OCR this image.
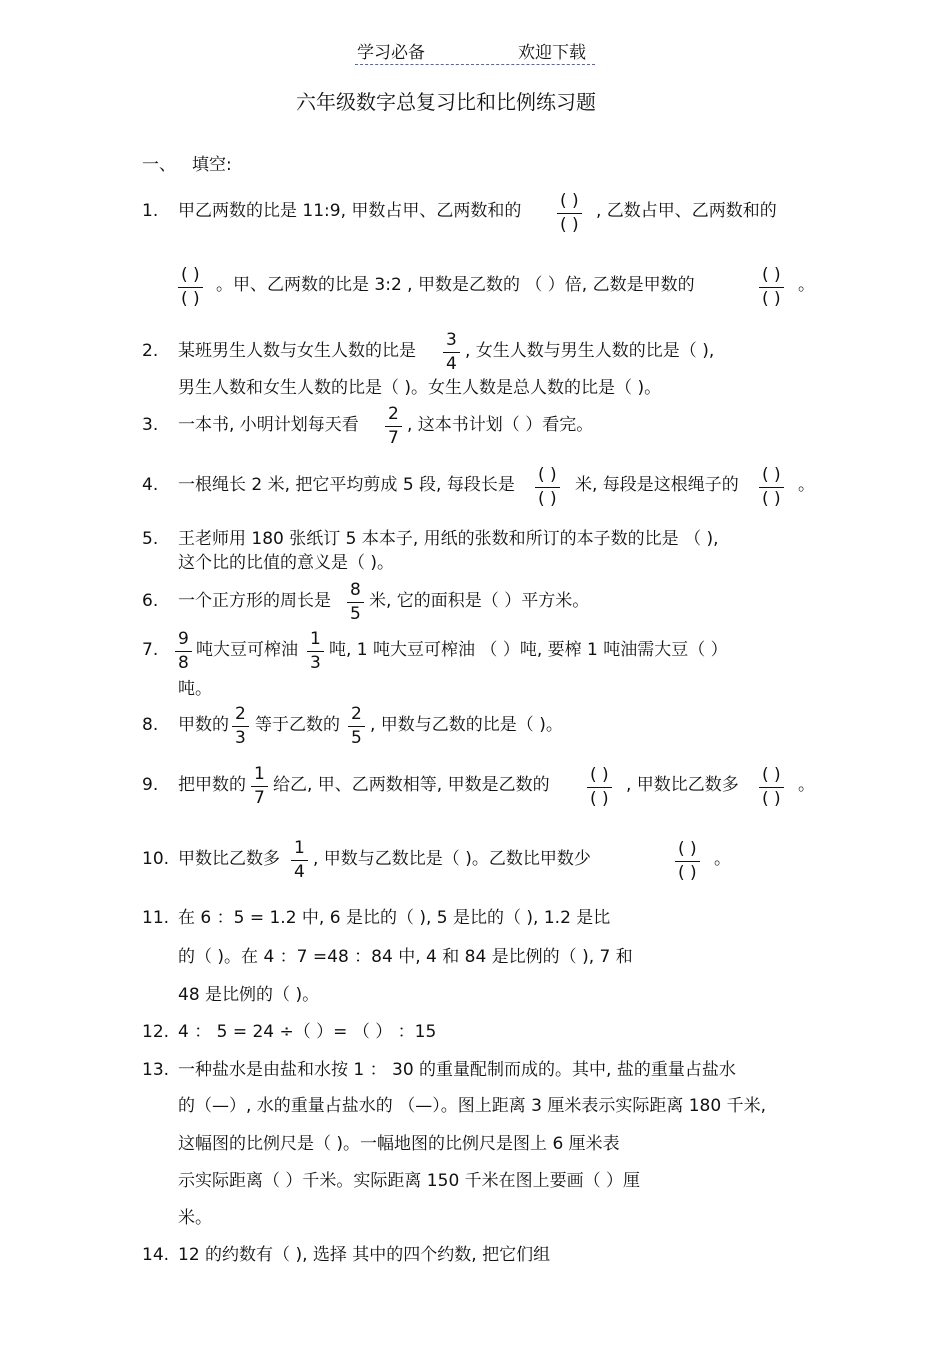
学习必备	欢迎下载
六年级数字总复习比和比例练习题
一、 填空:
1. 甲乙两数的比是 11:9, 甲数占甲、乙两数和的 ( )
( )
, 乙数占甲、乙两数和的
( )
( )
。甲、乙两数的比是 3:2 , 甲数是乙数的 （ ）倍, 乙数是甲数的	( )
( )
。
2. 某班男生人数与女生人数的比是
3
4
, 女生人数与男生人数的比是（ ),
男生人数和女生人数的比是（ )。女生人数是总人数的比是（ )。
3. 一本书, 小明计划每天看
2
7
, 这本书计划（ ）看完。
4. 一根绳长 2 米, 把它平均剪成 5 段, 每段长是 ( )
( )
米, 每段是这根绳子的 ( )
( )
。
5. 王老师用 180 张纸订 5 本本子, 用纸的张数和所订的本子数的比是 （ ),
这个比的比值的意义是（ )。
6. 一个正方形的周长是
8
5
米, 它的面积是（ ）平方米。
7.
9
8
吨大豆可榨油
1
3
吨, 1 吨大豆可榨油 （ ）吨, 要榨 1 吨油需大豆（ ）
吨。
8. 甲数的
2
3
等于乙数的
2
5
, 甲数与乙数的比是（ )。
9. 把甲数的
1
7
给乙, 甲、乙两数相等, 甲数是乙数的 ( )
( )
, 甲数比乙数多 ( )
( )
。
10. 甲数比乙数多
1
4
, 甲数与乙数比是（ )。乙数比甲数少	( )
( )
。
11. 在 6 ：5 = 1.2 中, 6 是比的（ ), 5 是比的（ ), 1.2 是比
的（ )。在 4 ：7 =48 ：84 中, 4 和 84 是比例的（ ), 7 和
48 是比例的（ )。
12. 4 ： 5 = 24 ÷（ ）= （ ） ：15
13. 一种盐水是由盐和水按 1 ： 30 的重量配制而成的。其中, 盐的重量占盐水
的（—）, 水的重量占盐水的 （—）。图上距离 3 厘米表示实际距离 180 千米,
这幅图的比例尺是（ )。一幅地图的比例尺是图上 6 厘米表
示实际距离（ ）千米。实际距离 150 千米在图上要画（ ）厘
米。
14. 12 的约数有（ ), 选择 其中的四个约数, 把它们组
